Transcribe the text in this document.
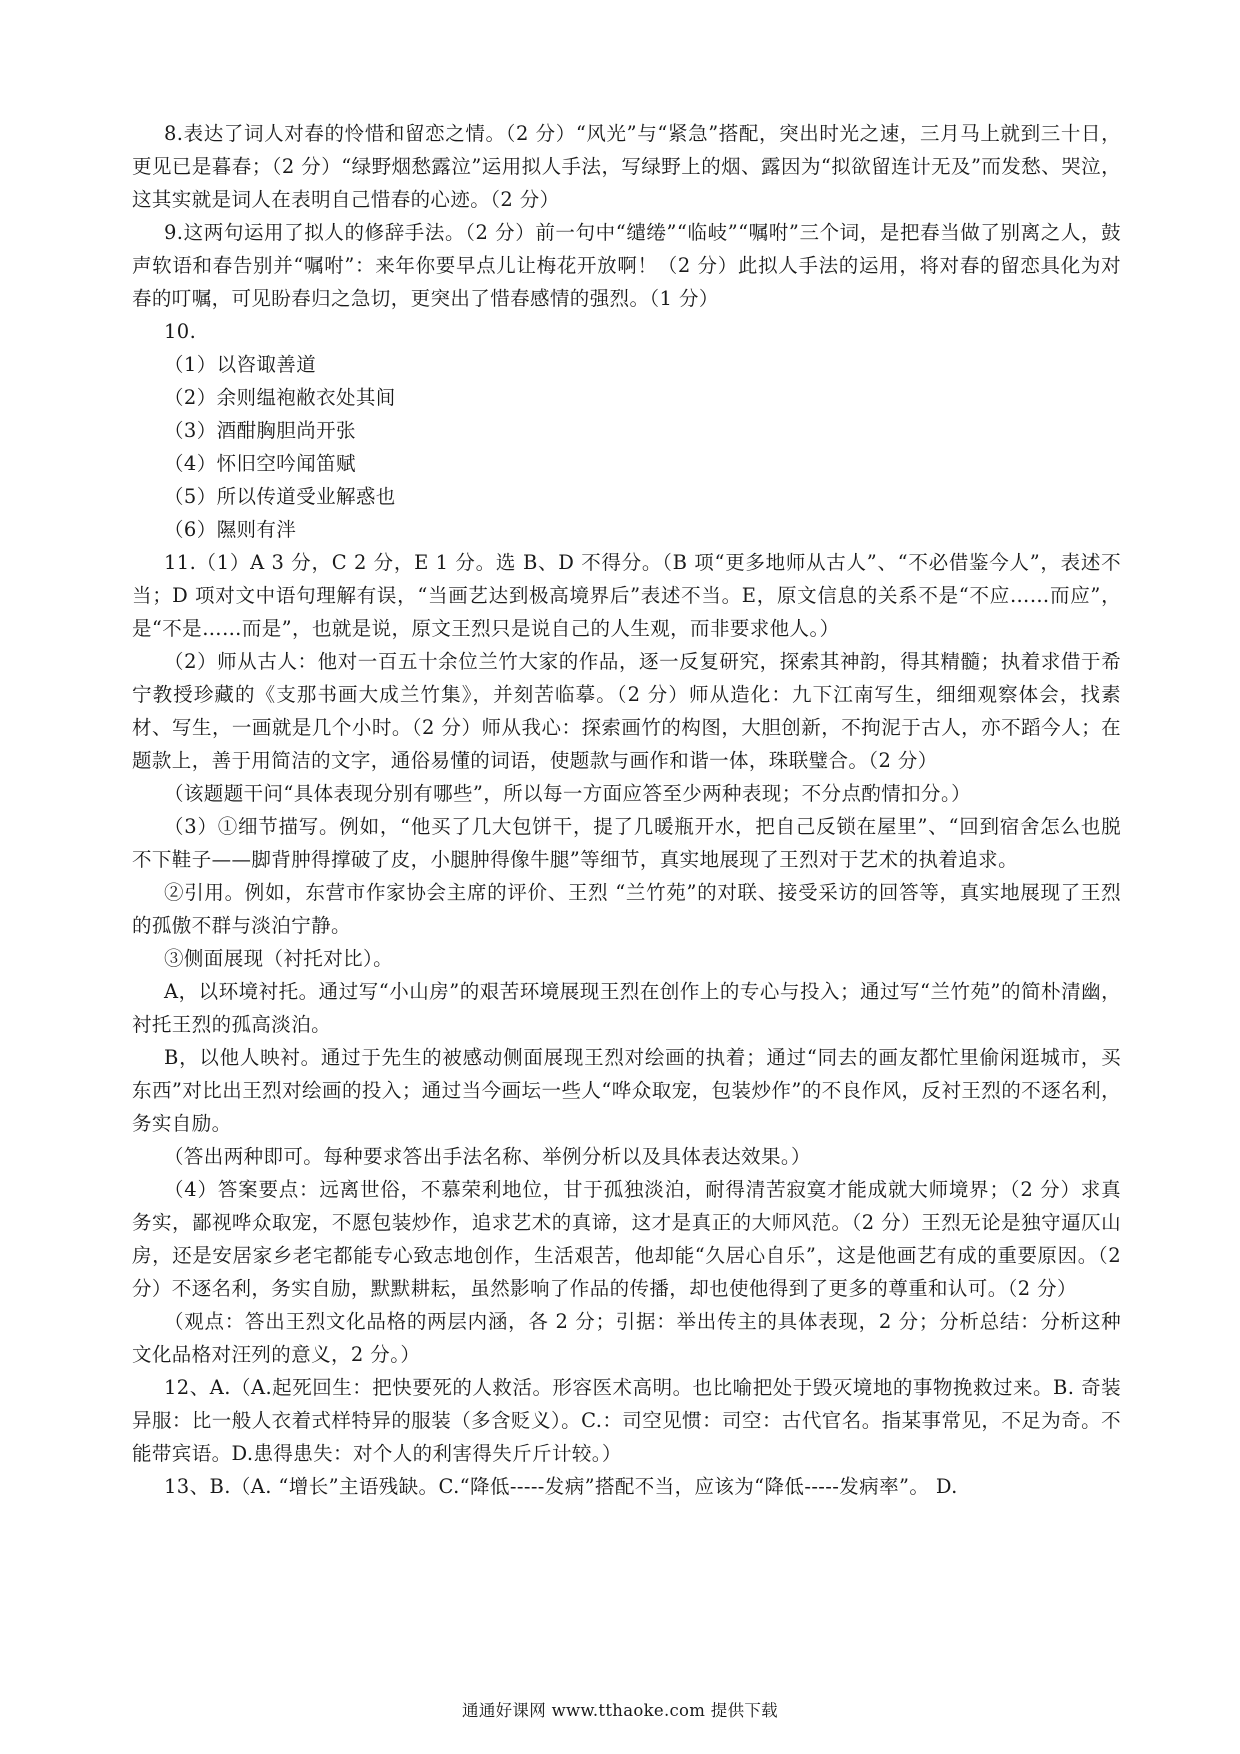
8.表达了词人对春的怜惜和留恋之情。（2 分）“风光”与“紧急”搭配，突出时光之速，三月马上就到三十日，更见已是暮春；（2 分）“绿野烟愁露泣”运用拟人手法，写绿野上的烟、露因为“拟欲留连计无及”而发愁、哭泣，这其实就是词人在表明自己惜春的心迹。（2 分）

9.这两句运用了拟人的修辞手法。（2 分）前一句中“缱绻”“临岐”“嘱咐”三个词，是把春当做了别离之人，鼓声软语和春告别并“嘱咐”：来年你要早点儿让梅花开放啊！（2 分）此拟人手法的运用，将对春的留恋具化为对春的叮嘱，可见盼春归之急切，更突出了惜春感情的强烈。（1 分）

10.

（1）以咨诹善道

（2）余则缊袍敝衣处其间

（3）酒酣胸胆尚开张

（4）怀旧空吟闻笛赋

（5）所以传道受业解惑也

（6）隰则有泮

11.（1）A 3 分，C 2 分，E 1 分。选 B、D 不得分。（B 项“更多地师从古人”、“不必借鉴今人”，表述不当；D 项对文中语句理解有误，“当画艺达到极高境界后”表述不当。E，原文信息的关系不是“不应……而应”，是“不是……而是”，也就是说，原文王烈只是说自己的人生观，而非要求他人。）

（2）师从古人：他对一百五十余位兰竹大家的作品，逐一反复研究，探索其神韵，得其精髓；执着求借于希宁教授珍藏的《支那书画大成兰竹集》，并刻苦临摹。（2 分）师从造化：九下江南写生，细细观察体会，找素材、写生，一画就是几个小时。（2 分）师从我心：探索画竹的构图，大胆创新，不拘泥于古人，亦不蹈今人；在题款上，善于用简洁的文字，通俗易懂的词语，使题款与画作和谐一体，珠联璧合。（2 分）

（该题题干问“具体表现分别有哪些”，所以每一方面应答至少两种表现；不分点酌情扣分。）

（3）①细节描写。例如，“他买了几大包饼干，提了几暖瓶开水，把自己反锁在屋里”、“回到宿舍怎么也脱不下鞋子——脚背肿得撑破了皮，小腿肿得像牛腿”等细节，真实地展现了王烈对于艺术的执着追求。

②引用。例如，东营市作家协会主席的评价、王烈 “兰竹苑”的对联、接受采访的回答等，真实地展现了王烈的孤傲不群与淡泊宁静。

③侧面展现（衬托对比）。

A，以环境衬托。通过写“小山房”的艰苦环境展现王烈在创作上的专心与投入；通过写“兰竹苑”的简朴清幽，衬托王烈的孤高淡泊。

B，以他人映衬。通过于先生的被感动侧面展现王烈对绘画的执着；通过“同去的画友都忙里偷闲逛城市，买东西”对比出王烈对绘画的投入；通过当今画坛一些人“哗众取宠，包装炒作”的不良作风，反衬王烈的不逐名利，务实自励。

（答出两种即可。每种要求答出手法名称、举例分析以及具体表达效果。）

（4）答案要点：远离世俗，不慕荣利地位，甘于孤独淡泊，耐得清苦寂寞才能成就大师境界；（2 分）求真务实，鄙视哗众取宠，不愿包装炒作，追求艺术的真谛，这才是真正的大师风范。（2 分）王烈无论是独守逼仄山房，还是安居家乡老宅都能专心致志地创作，生活艰苦，他却能“久居心自乐”，这是他画艺有成的重要原因。（2 分）不逐名利，务实自励，默默耕耘，虽然影响了作品的传播，却也使他得到了更多的尊重和认可。（2 分）

（观点：答出王烈文化品格的两层内涵，各 2 分；引据：举出传主的具体表现，2 分；分析总结：分析这种文化品格对汪列的意义，2 分。）

12、A.（A.起死回生：把快要死的人救活。形容医术高明。也比喻把处于毁灭境地的事物挽救过来。B. 奇装异服：比一般人衣着式样特异的服装（多含贬义）。C.：司空见惯：司空：古代官名。指某事常见，不足为奇。不能带宾语。D.患得患失：对个人的利害得失斤斤计较。）

13、B.（A. “增长”主语残缺。C.“降低-----发病”搭配不当，应该为“降低-----发病率”。 D.

通通好课网 www.tthaoke.com 提供下载
